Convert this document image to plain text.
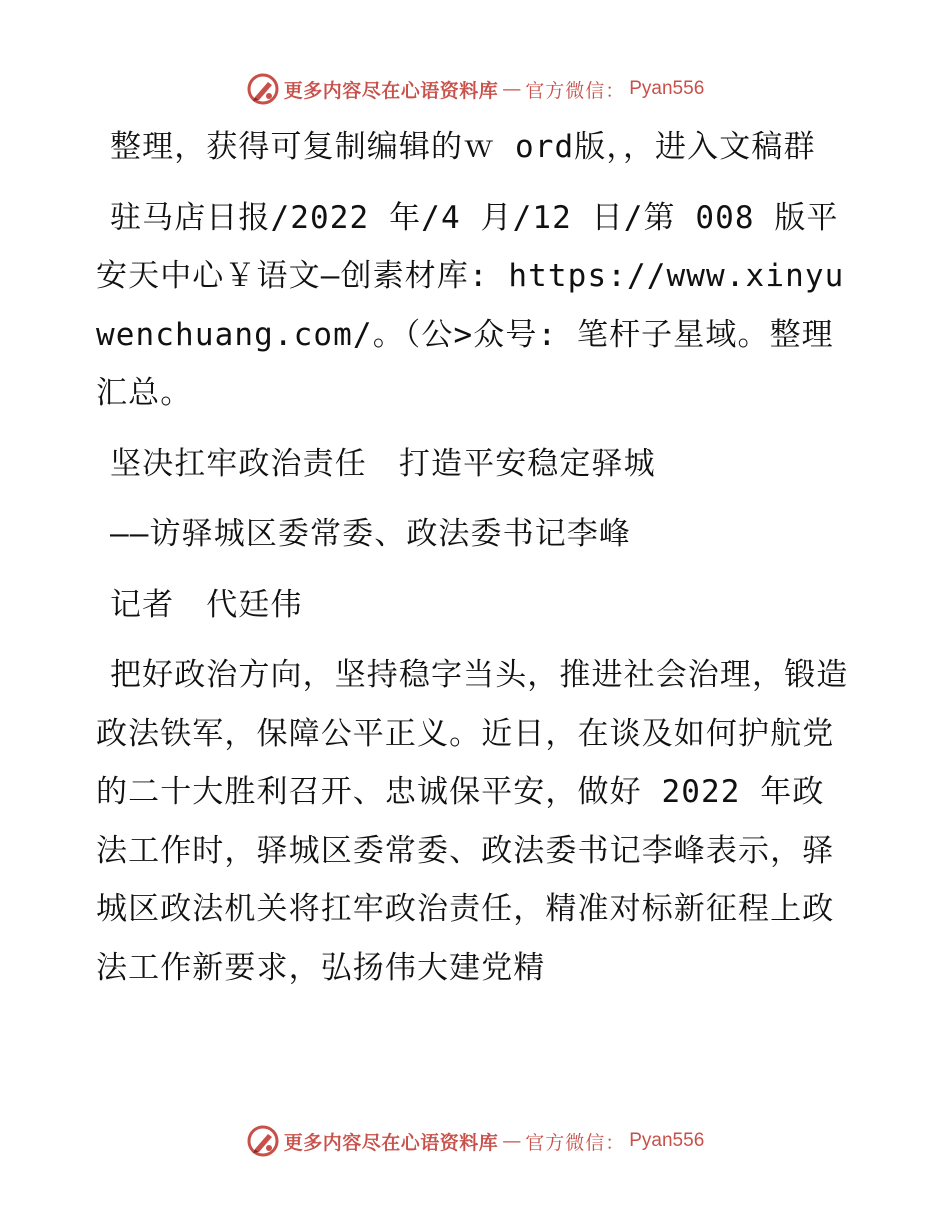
更多内容尽在心语资料库 — 官方微信： Pyan556

整理，获得可复制编辑的ｗ ord版，，进入文稿群

驻马店日报/2022 年/4 月/12 日/第 008 版平安天中心￥语文—创素材库: https://www.xinyuwenchuang.com/。（公>众号: 笔杆子星域。整理汇总。

坚决扛牢政治责任　打造平安稳定驿城

——访驿城区委常委、政法委书记李峰

记者　代廷伟

把好政治方向，坚持稳字当头，推进社会治理，锻造政法铁军，保障公平正义。近日，在谈及如何护航党的二十大胜利召开、忠诚保平安，做好 2022 年政法工作时，驿城区委常委、政法委书记李峰表示，驿城区政法机关将扛牢政治责任，精准对标新征程上政法工作新要求，弘扬伟大建党精

更多内容尽在心语资料库 — 官方微信： Pyan556
